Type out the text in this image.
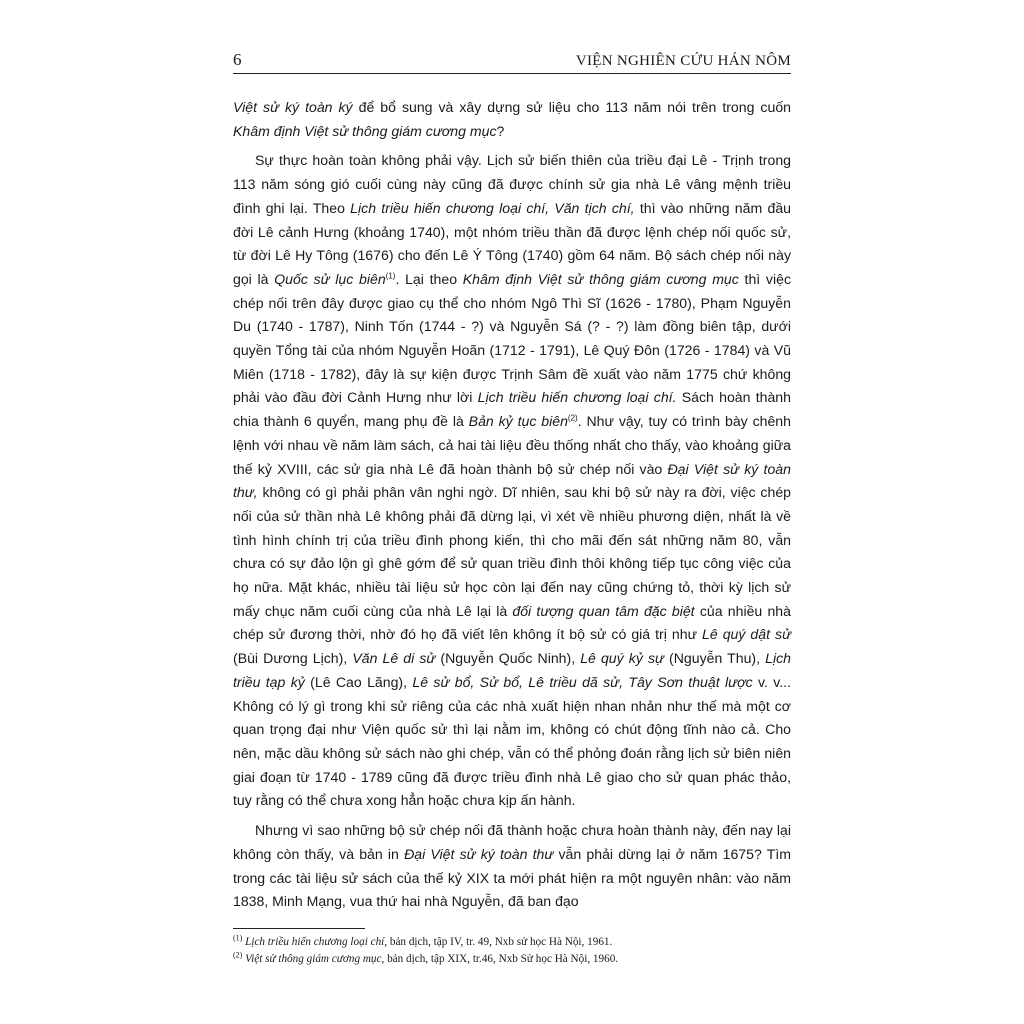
6	VIỆN NGHIÊN CỨU HÁN NÔM

Việt sử ký toàn ký để bổ sung và xây dựng sử liệu cho 113 năm nói trên trong cuốn Khâm định Việt sử thông giám cương mục?

Sự thực hoàn toàn không phải vậy. Lịch sử biến thiên của triều đại Lê - Trịnh trong 113 năm sóng gió cuối cùng này cũng đã được chính sử gia nhà Lê vâng mệnh triều đình ghi lại. Theo Lịch triều hiến chương loại chí, Văn tịch chí, thì vào những năm đầu đời Lê cảnh Hưng (khoảng 1740), một nhóm triều thần đã được lệnh chép nối quốc sử, từ đời Lê Hy Tông (1676) cho đến Lê Ý Tông (1740) gồm 64 năm. Bộ sách chép nối này gọi là Quốc sử lục biên$^{(1)}$. Lại theo Khâm định Việt sử thông giám cương mục thì việc chép nối trên đây được giao cụ thể cho nhóm Ngô Thì Sĩ (1626 - 1780), Phạm Nguyễn Du (1740 - 1787), Ninh Tốn (1744 - ?) và Nguyễn Sá (? - ?) làm đồng biên tập, dưới quyền Tổng tài của nhóm Nguyễn Hoãn (1712 - 1791), Lê Quý Đôn (1726 - 1784) và Vũ Miên (1718 - 1782), đây là sự kiện được Trịnh Sâm đề xuất vào năm 1775 chứ không phải vào đầu đời Cảnh Hưng như lời Lịch triều hiến chương loại chí. Sách hoàn thành chia thành 6 quyển, mang phụ đề là Bản kỷ tục biên$^{(2)}$. Như vậy, tuy có trình bày chênh lệnh với nhau về năm làm sách, cả hai tài liệu đều thống nhất cho thấy, vào khoảng giữa thế kỷ XVIII, các sử gia nhà Lê đã hoàn thành bộ sử chép nối vào Đại Việt sử ký toàn thư, không có gì phải phân vân nghi ngờ. Dĩ nhiên, sau khi bộ sử này ra đời, việc chép nối của sử thần nhà Lê không phải đã dừng lại, vì xét về nhiều phương diện, nhất là về tình hình chính trị của triều đình phong kiến, thì cho mãi đến sát những năm 80, vẫn chưa có sự đảo lộn gì ghê gớm để sử quan triều đình thôi không tiếp tục công việc của họ nữa. Mặt khác, nhiều tài liệu sử học còn lại đến nay cũng chứng tỏ, thời kỳ lịch sử mấy chục năm cuối cùng của nhà Lê lại là đối tượng quan tâm đặc biệt của nhiều nhà chép sử đương thời, nhờ đó họ đã viết lên không ít bộ sử có giá trị như Lê quý dật sử (Bùi Dương Lịch), Văn Lê di sử (Nguyễn Quốc Ninh), Lê quý kỷ sự (Nguyễn Thu), Lịch triều tạp kỷ (Lê Cao Lãng), Lê sử bổ, Sử bổ, Lê triều dã sử, Tây Sơn thuật lược v. v... Không có lý gì trong khi sử riêng của các nhà xuất hiện nhan nhản như thế mà một cơ quan trọng đại như Viện quốc sử thì lại nằm im, không có chút động tĩnh nào cả. Cho nên, mặc dầu không sử sách nào ghi chép, vẫn có thể phỏng đoán rằng lịch sử biên niên giai đoạn từ 1740 - 1789 cũng đã được triều đình nhà Lê giao cho sử quan phác thảo, tuy rằng có thể chưa xong hẳn hoặc chưa kịp ấn hành.

Nhưng vì sao những bộ sử chép nối đã thành hoặc chưa hoàn thành này, đến nay lại không còn thấy, và bản in Đại Việt sử ký toàn thư vẫn phải dừng lại ở năm 1675? Tìm trong các tài liệu sử sách của thế kỷ XIX ta mới phát hiện ra một nguyên nhân: vào năm 1838, Minh Mạng, vua thứ hai nhà Nguyễn, đã ban đạo

$^{(1)}$ Lịch triều hiến chương loại chí, bản dịch, tập IV, tr. 49, Nxb sử học Hà Nội, 1961.
$^{(2)}$ Việt sử thông giám cương mục, bản dịch, tập XIX, tr.46, Nxb Sử học Hà Nội, 1960.
